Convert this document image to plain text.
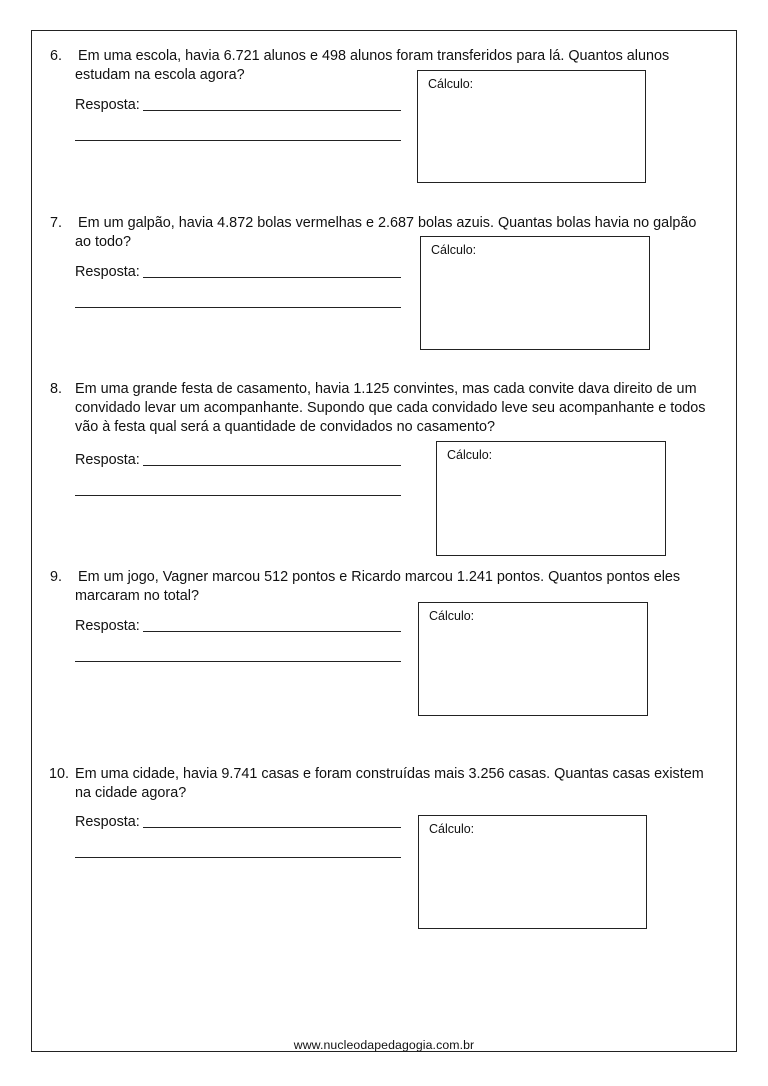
6. Em uma escola, havia 6.721 alunos e 498 alunos foram transferidos para lá. Quantos alunos estudam na escola agora?
Resposta:
Cálculo:
7. Em um galpão, havia 4.872 bolas vermelhas e 2.687 bolas azuis. Quantas bolas havia no galpão ao todo?
Resposta:
Cálculo:
8. Em uma grande festa de casamento, havia 1.125 convintes, mas cada convite dava direito de um convidado levar um acompanhante. Supondo que cada convidado leve seu acompanhante e todos vão à festa qual será a quantidade de convidados no casamento?
Resposta:	Cálculo:
9. Em um jogo, Vagner marcou 512 pontos e Ricardo marcou 1.241 pontos. Quantos pontos eles marcaram no total?
Resposta:
Cálculo:
10. Em uma cidade, havia 9.741 casas e foram construídas mais 3.256 casas. Quantas casas existem na cidade agora?
Resposta:	Cálculo:
www.nucleodapedagogia.com.br
